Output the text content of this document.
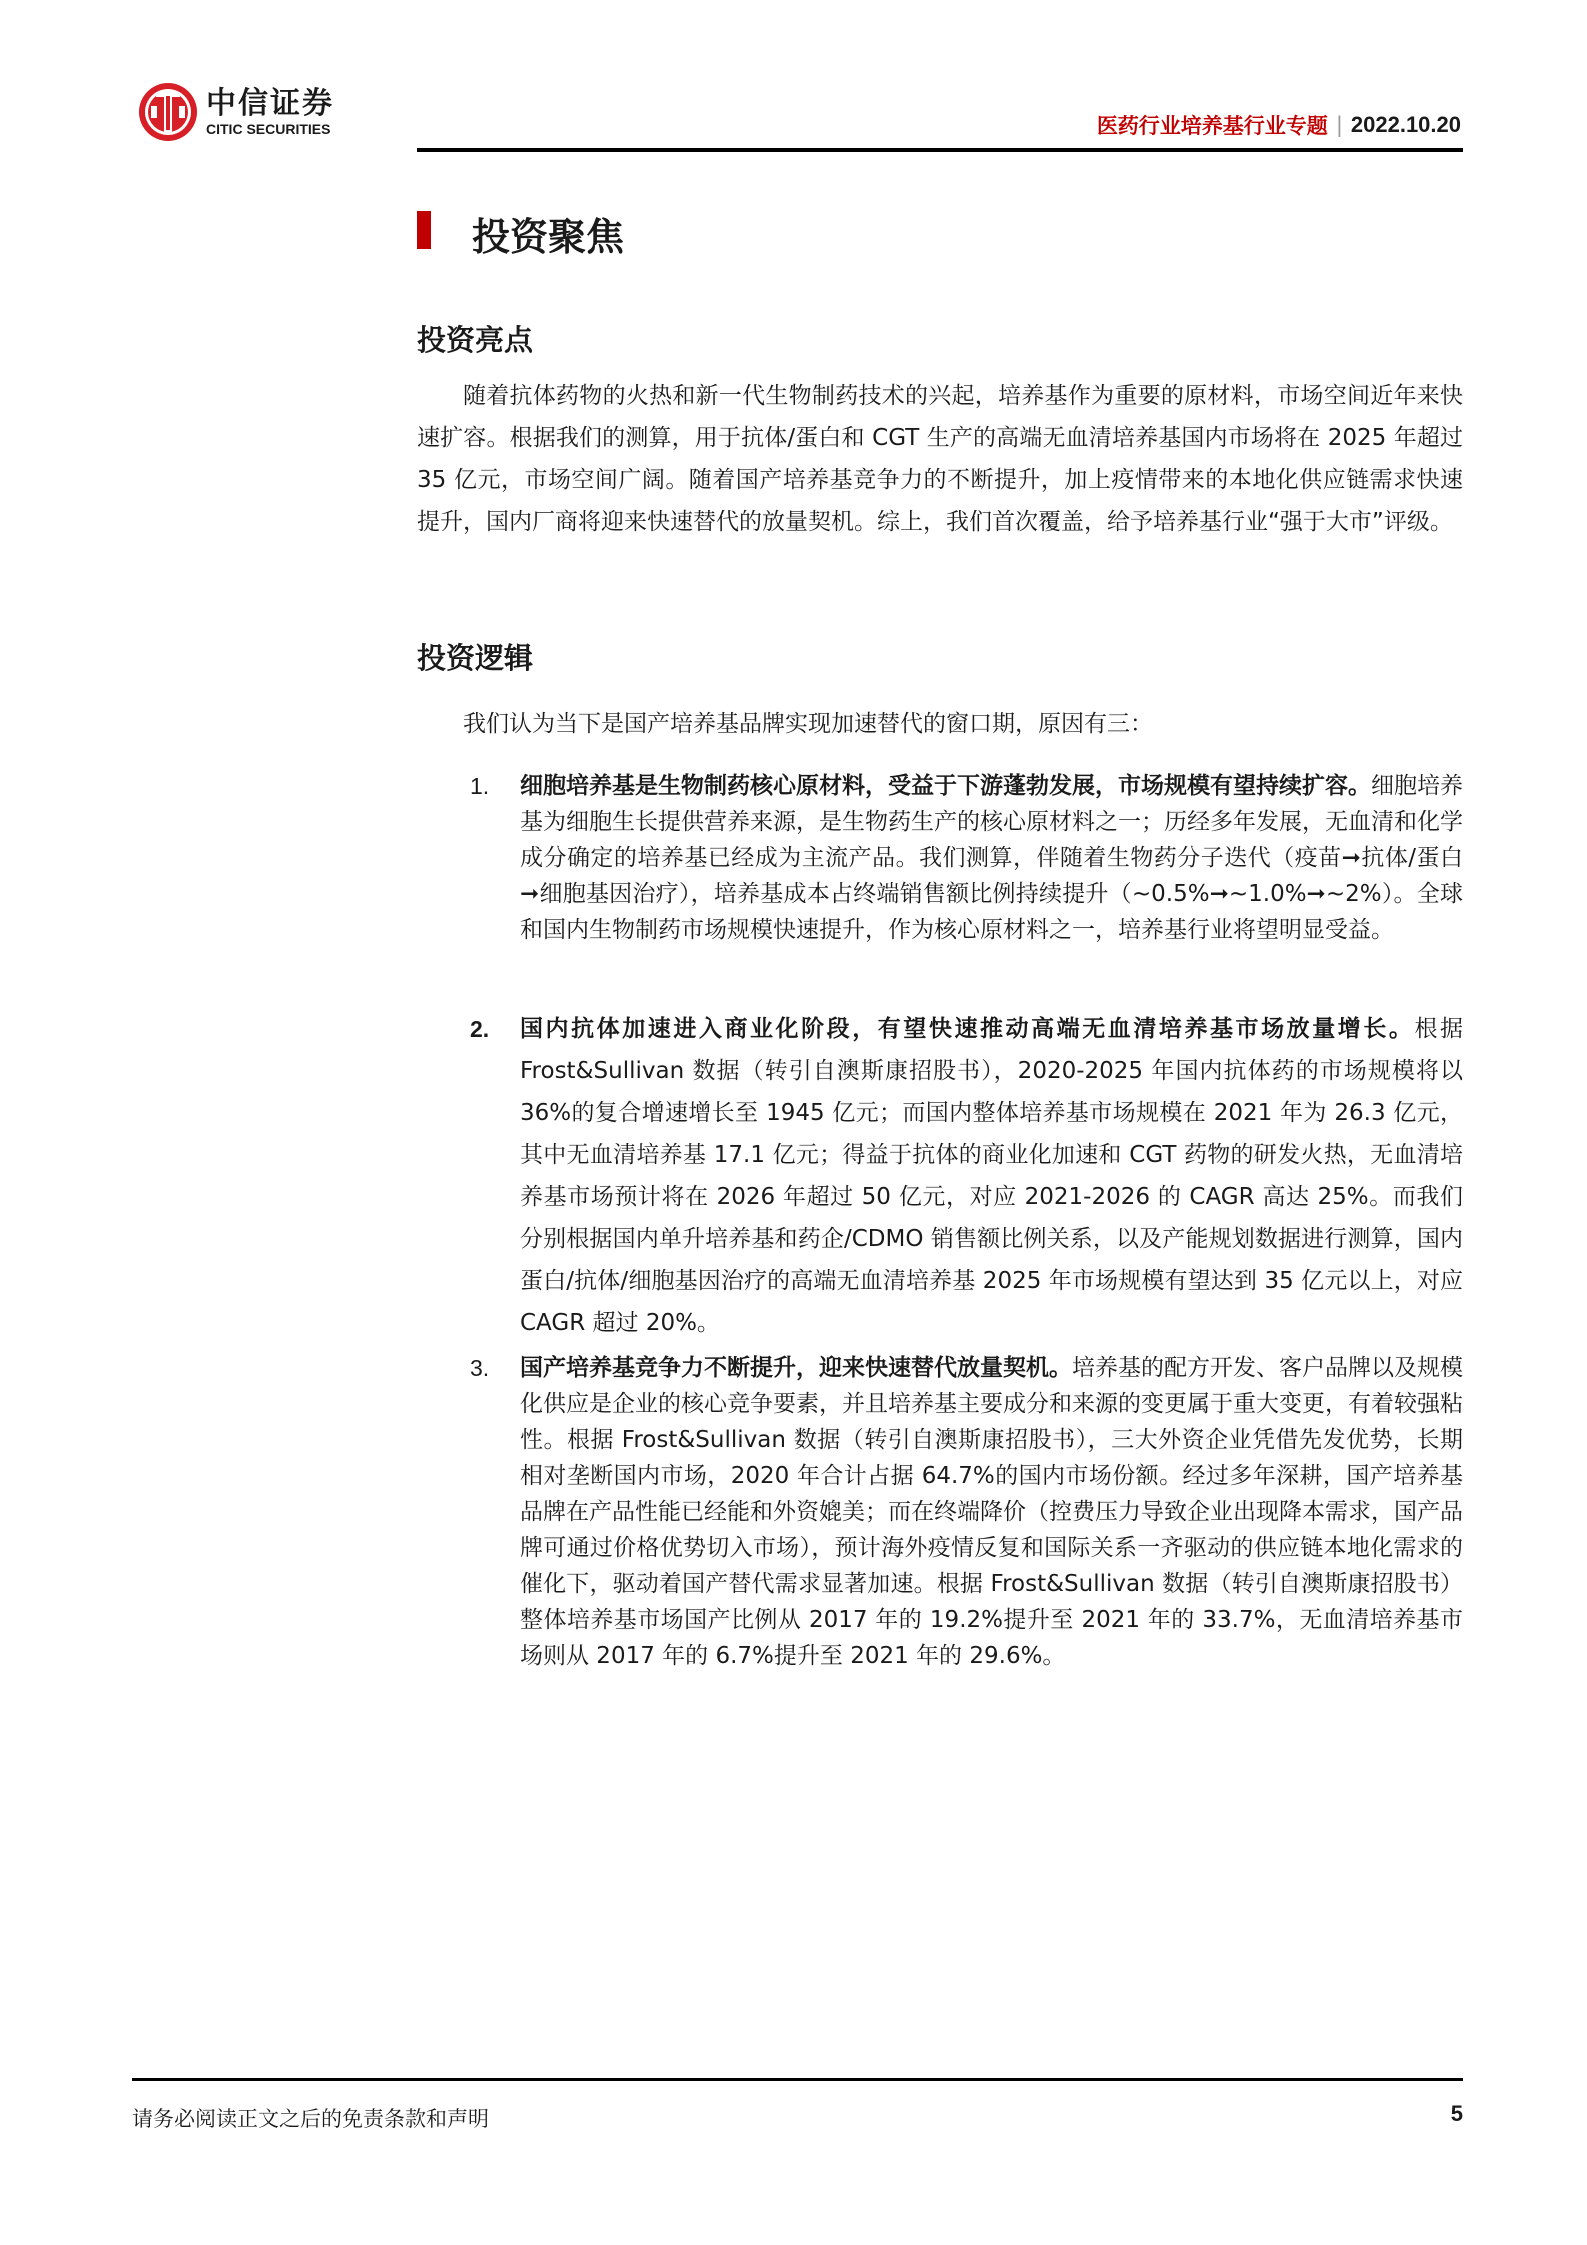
中信证券
CITIC SECURITIES	医药行业培养基行业专题 | 2022.10.20
投资聚焦
投资亮点
随着抗体药物的火热和新一代生物制药技术的兴起，培养基作为重要的原材料，市场空间近年来快速扩容。根据我们的测算，用于抗体/蛋白和 CGT 生产的高端无血清培养基国内市场将在 2025 年超过 35 亿元，市场空间广阔。随着国产培养基竞争力的不断提升，加上疫情带来的本地化供应链需求快速提升，国内厂商将迎来快速替代的放量契机。综上，我们首次覆盖，给予培养基行业“强于大市”评级。
投资逻辑
我们认为当下是国产培养基品牌实现加速替代的窗口期，原因有三：
1. 细胞培养基是生物制药核心原材料，受益于下游蓬勃发展，市场规模有望持续扩容。细胞培养基为细胞生长提供营养来源，是生物药生产的核心原材料之一；历经多年发展，无血清和化学成分确定的培养基已经成为主流产品。我们测算，伴随着生物药分子迭代（疫苗➞抗体/蛋白➞细胞基因治疗），培养基成本占终端销售额比例持续提升（~0.5%➞~1.0%➞~2%）。全球和国内生物制药市场规模快速提升，作为核心原材料之一，培养基行业将望明显受益。
2. 国内抗体加速进入商业化阶段，有望快速推动高端无血清培养基市场放量增长。根据 Frost&Sullivan 数据（转引自澳斯康招股书），2020-2025 年国内抗体药的市场规模将以 36%的复合增速增长至 1945 亿元；而国内整体培养基市场规模在 2021 年为 26.3 亿元，其中无血清培养基 17.1 亿元；得益于抗体的商业化加速和 CGT 药物的研发火热，无血清培养基市场预计将在 2026 年超过 50 亿元，对应 2021-2026 的 CAGR 高达 25%。而我们分别根据国内单升培养基和药企/CDMO 销售额比例关系，以及产能规划数据进行测算，国内蛋白/抗体/细胞基因治疗的高端无血清培养基 2025 年市场规模有望达到 35 亿元以上，对应 CAGR 超过 20%。
3. 国产培养基竞争力不断提升，迎来快速替代放量契机。培养基的配方开发、客户品牌以及规模化供应是企业的核心竞争要素，并且培养基主要成分和来源的变更属于重大变更，有着较强粘性。根据 Frost&Sullivan 数据（转引自澳斯康招股书），三大外资企业凭借先发优势，长期相对垄断国内市场，2020 年合计占据 64.7%的国内市场份额。经过多年深耕，国产培养基品牌在产品性能已经能和外资媲美；而在终端降价（控费压力导致企业出现降本需求，国产品牌可通过价格优势切入市场），预计海外疫情反复和国际关系一齐驱动的供应链本地化需求的催化下，驱动着国产替代需求显著加速。根据 Frost&Sullivan 数据（转引自澳斯康招股书）整体培养基市场国产比例从 2017 年的 19.2%提升至 2021 年的 33.7%，无血清培养基市场则从 2017 年的 6.7%提升至 2021 年的 29.6%。
请务必阅读正文之后的免责条款和声明	5
